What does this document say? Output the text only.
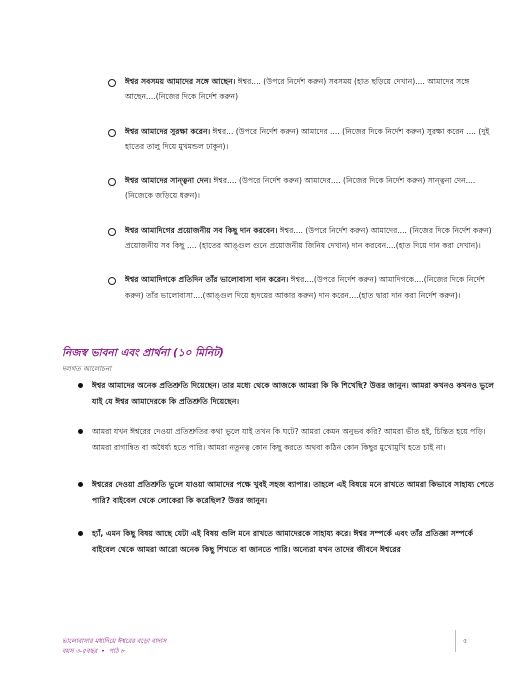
ঈশ্বর সবসময় আমাদের সঙ্গে আছেন। ঈশ্বর.... (উপরে নির্দেশ করুন) সবসময় (হাত ছড়িয়ে দেখান).... আমাদের সঙ্গে আছেন....(নিজের দিকে নির্দেশ করুন)

ঈশ্বর আমাদের সুরক্ষা করেন। ঈশ্বর... (উপরে নির্দেশ করুন) আমাদের .... (নিজের দিকে নির্দেশ করুন) সুরক্ষা করেন .... (দুই হাতের তালু দিয়ে মুখমন্ডল ঢাকুন)।

ঈশ্বর আমাদের সান্ত্বনা দেন। ঈশ্বর.... (উপরে নির্দেশ করুন) আমাদের.... (নিজের দিকে নির্দেশ করুন) সান্ত্বনা দেন.... (নিজেকে জড়িয়ে ধরুন)।

ঈশ্বর আমাদিগের প্রয়োজনীয় সব কিছু দান করবেন। ঈশ্বর.... (উপরে নির্দেশ করুন) আমাদের.... (নিজের দিকে নির্দেশ করুন) প্রয়োজনীয় সব কিছু .... (হাতের আঙ্গুল গুনে প্রয়োজনীয় জিনিষ দেখান) দান করবেন....(হাত দিয়ে দান করা দেখান)।

ঈশ্বর আমাদিগকে প্রতিদিন তাঁর ভালোবাসা দান করেন। ঈশ্বর....(উপরে নির্দেশ করুন) আমাদিগকে....(নিজের দিকে নির্দেশ করুন) তাঁর ভালোবাসা....(আঙ্গুল দিয়ে হৃদয়ের আকার করুন) দান করেন....(হাত দ্বারা দান করা নির্দেশ করুন)।

নিজস্ব ভাবনা এবং প্রার্থনা (১০ মিনিট)

দলগত আলোচনা

ঈশ্বর আমাদের অনেক প্রতিশ্রুতি দিয়েছেন। তার মধ্যে থেকে আজকে আমরা কি কি শিখেছি? উত্তর জানুন। আমরা কখনও কখনও ভুলে যাই যে ঈশ্বর আমাদেরকে কি প্রতিশ্রুতি দিয়েছেন।

আমরা যখন ঈশ্বরের দেওয়া প্রতিশ্রুতির কথা ভুলে যাই তখন কি ঘটে? আমরা কেমন অনুভব করি? আমরা ভীত হই, চিন্তিত হয়ে পড়ি। আমরা রাগান্বিত বা অধৈর্য্য হতে পারি। আমরা নতুনত্ব কোন কিছু করতে অথবা কঠিন কোন কিছুর মুখোমুখি হতে চাই না।

ঈশ্বরের দেওয়া প্রতিশ্রুতি ভুলে যাওয়া আমাদের পক্ষে খুবই সহজ ব্যাপার। তাহলে এই বিষয়ে মনে রাখতে আমরা কিভাবে সাহায্য পেতে পারি? বাইবেল থেকে লোকেরা কি করেছিল? উত্তর জানুন।

হ্যাঁ, এমন কিছু বিষয় আছে যেটা এই বিষয় গুলি মনে রাখতে আমাদেরকে সাহায্য করে। ঈশ্বর সম্পর্কে এবং তাঁর প্রতিজ্ঞা সম্পর্কে বাইবেল থেকে আমরা আরো অনেক কিছু শিখতে বা জানতে পারি। অন্যেরা যখন তাদের জীবনে ঈশ্বরের

ভালোবাসার মধ্যদিয়ে ঈশ্বরের বড়ো বাদাস

বয়স ৩-৫বছর • পাঠ ৮

৫
